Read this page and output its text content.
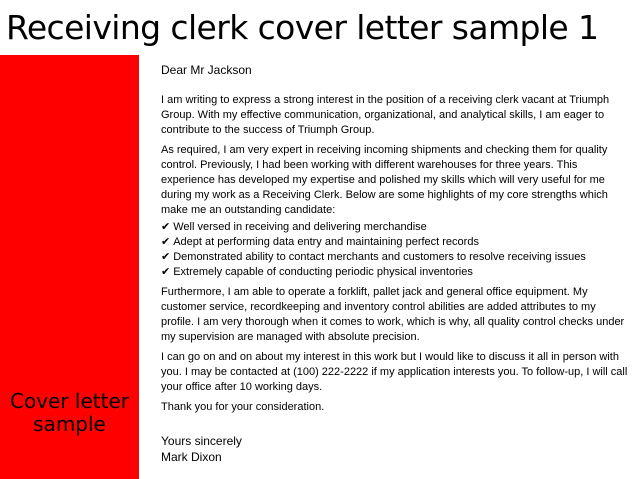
Receiving clerk cover letter sample 1
Cover letter
sample

Dear Mr Jackson

I am writing to express a strong interest in the position of a receiving clerk vacant at Triumph Group. With my effective communication, organizational, and analytical skills, I am eager to contribute to the success of Triumph Group.

As required, I am very expert in receiving incoming shipments and checking them for quality control. Previously, I had been working with different warehouses for three years. This experience has developed my expertise and polished my skills which will very useful for me during my work as a Receiving Clerk. Below are some highlights of my core strengths which make me an outstanding candidate:

✔ Well versed in receiving and delivering merchandise
✔ Adept at performing data entry and maintaining perfect records
✔ Demonstrated ability to contact merchants and customers to resolve receiving issues
✔ Extremely capable of conducting periodic physical inventories

Furthermore, I am able to operate a forklift, pallet jack and general office equipment. My customer service, recordkeeping and inventory control abilities are added attributes to my profile. I am very thorough when it comes to work, which is why, all quality control checks under my supervision are managed with absolute precision.

I can go on and on about my interest in this work but I would like to discuss it all in person with you. I may be contacted at (100) 222-2222 if my application interests you. To follow-up, I will call your office after 10 working days.

Thank you for your consideration.

Yours sincerely

Mark Dixon
